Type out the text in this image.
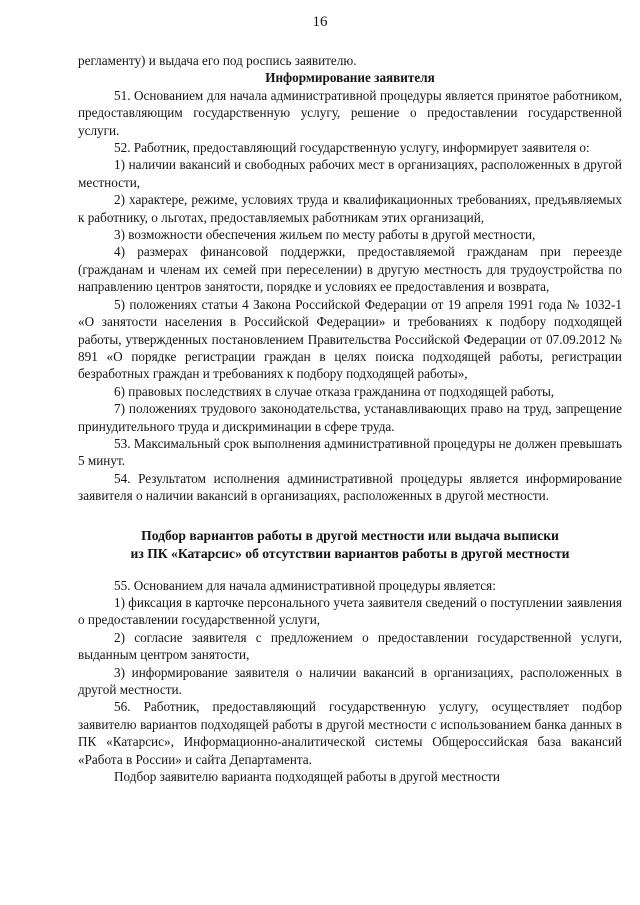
16

регламенту) и выдача его под роспись заявителю.

Информирование заявителя

51. Основанием для начала административной процедуры является принятое работником, предоставляющим государственную услугу, решение о предоставлении государственной услуги.

52. Работник, предоставляющий государственную услугу, информирует заявителя о:

1) наличии вакансий и свободных рабочих мест в организациях, расположенных в другой местности,

2) характере, режиме, условиях труда и квалификационных требованиях, предъявляемых к работнику, о льготах, предоставляемых работникам этих организаций,

3) возможности обеспечения жильем по месту работы в другой местности,

4) размерах финансовой поддержки, предоставляемой гражданам при переезде (гражданам и членам их семей при переселении) в другую местность для трудоустройства по направлению центров занятости, порядке и условиях ее предоставления и возврата,

5) положениях статьи 4 Закона Российской Федерации от 19 апреля 1991 года № 1032-1 «О занятости населения в Российской Федерации» и требованиях к подбору подходящей работы, утвержденных постановлением Правительства Российской Федерации от 07.09.2012 № 891 «О порядке регистрации граждан в целях поиска подходящей работы, регистрации безработных граждан и требованиях к подбору подходящей работы»,

6) правовых последствиях в случае отказа гражданина от подходящей работы,

7) положениях трудового законодательства, устанавливающих право на труд, запрещение принудительного труда и дискриминации в сфере труда.

53. Максимальный срок выполнения административной процедуры не должен превышать 5 минут.

54. Результатом исполнения административной процедуры является информирование заявителя о наличии вакансий в организациях, расположенных в другой местности.

Подбор вариантов работы в другой местности или выдача выписки
из ПК «Катарсис» об отсутствии вариантов работы в другой местности

55. Основанием для начала административной процедуры является:

1) фиксация в карточке персонального учета заявителя сведений о поступлении заявления о предоставлении государственной услуги,

2) согласие заявителя с предложением о предоставлении государственной услуги, выданным центром занятости,

3) информирование заявителя о наличии вакансий в организациях, расположенных в другой местности.

56. Работник, предоставляющий государственную услугу, осуществляет подбор заявителю вариантов подходящей работы в другой местности с использованием банка данных в ПК «Катарсис», Информационно-аналитической системы Общероссийская база вакансий «Работа в России» и сайта Департамента.

Подбор заявителю варианта подходящей работы в другой местности
